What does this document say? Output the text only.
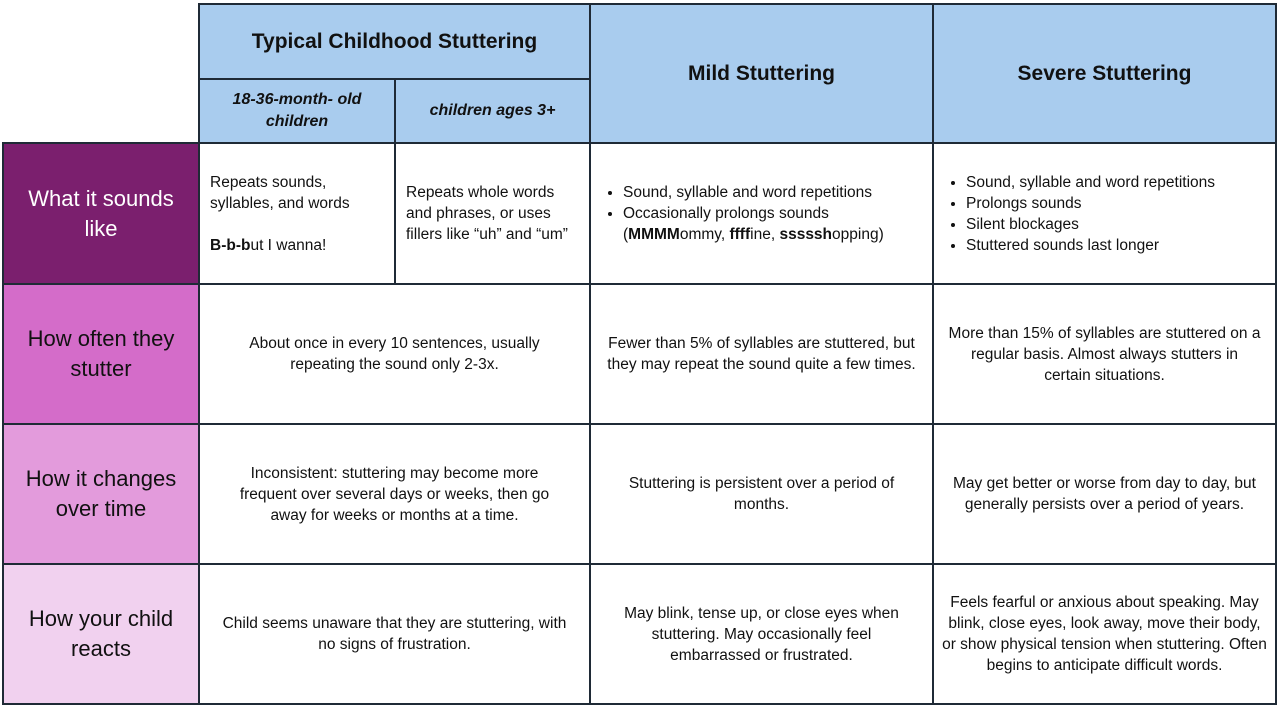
Typical Childhood Stuttering
18-36-month- old children
children ages 3+
Mild Stuttering	Severe Stuttering
What it sounds like
Repeats sounds, syllables, and words
B-b-but I wanna!
Repeats whole words and phrases, or uses fillers like “uh” and “um”
• Sound, syllable and word repetitions
• Occasionally prolongs sounds
(MMMMommy, ffffine, ssssshopping)
• Sound, syllable and word repetitions
• Prolongs sounds
• Silent blockages
• Stuttered sounds last longer
How often they stutter
About once in every 10 sentences, usually repeating the sound only 2-3x.
Fewer than 5% of syllables are stuttered, but they may repeat the sound quite a few times.
More than 15% of syllables are stuttered on a regular basis. Almost always stutters in certain situations.
How it changes over time
Inconsistent: stuttering may become more frequent over several days or weeks, then go away for weeks or months at a time.
Stuttering is persistent over a period of months.
May get better or worse from day to day, but generally persists over a period of years.
How your child reacts
Child seems unaware that they are stuttering, with no signs of frustration.
May blink, tense up, or close eyes when stuttering. May occasionally feel embarrassed or frustrated.
Feels fearful or anxious about speaking. May blink, close eyes, look away, move their body, or show physical tension when stuttering. Often begins to anticipate difficult words.
